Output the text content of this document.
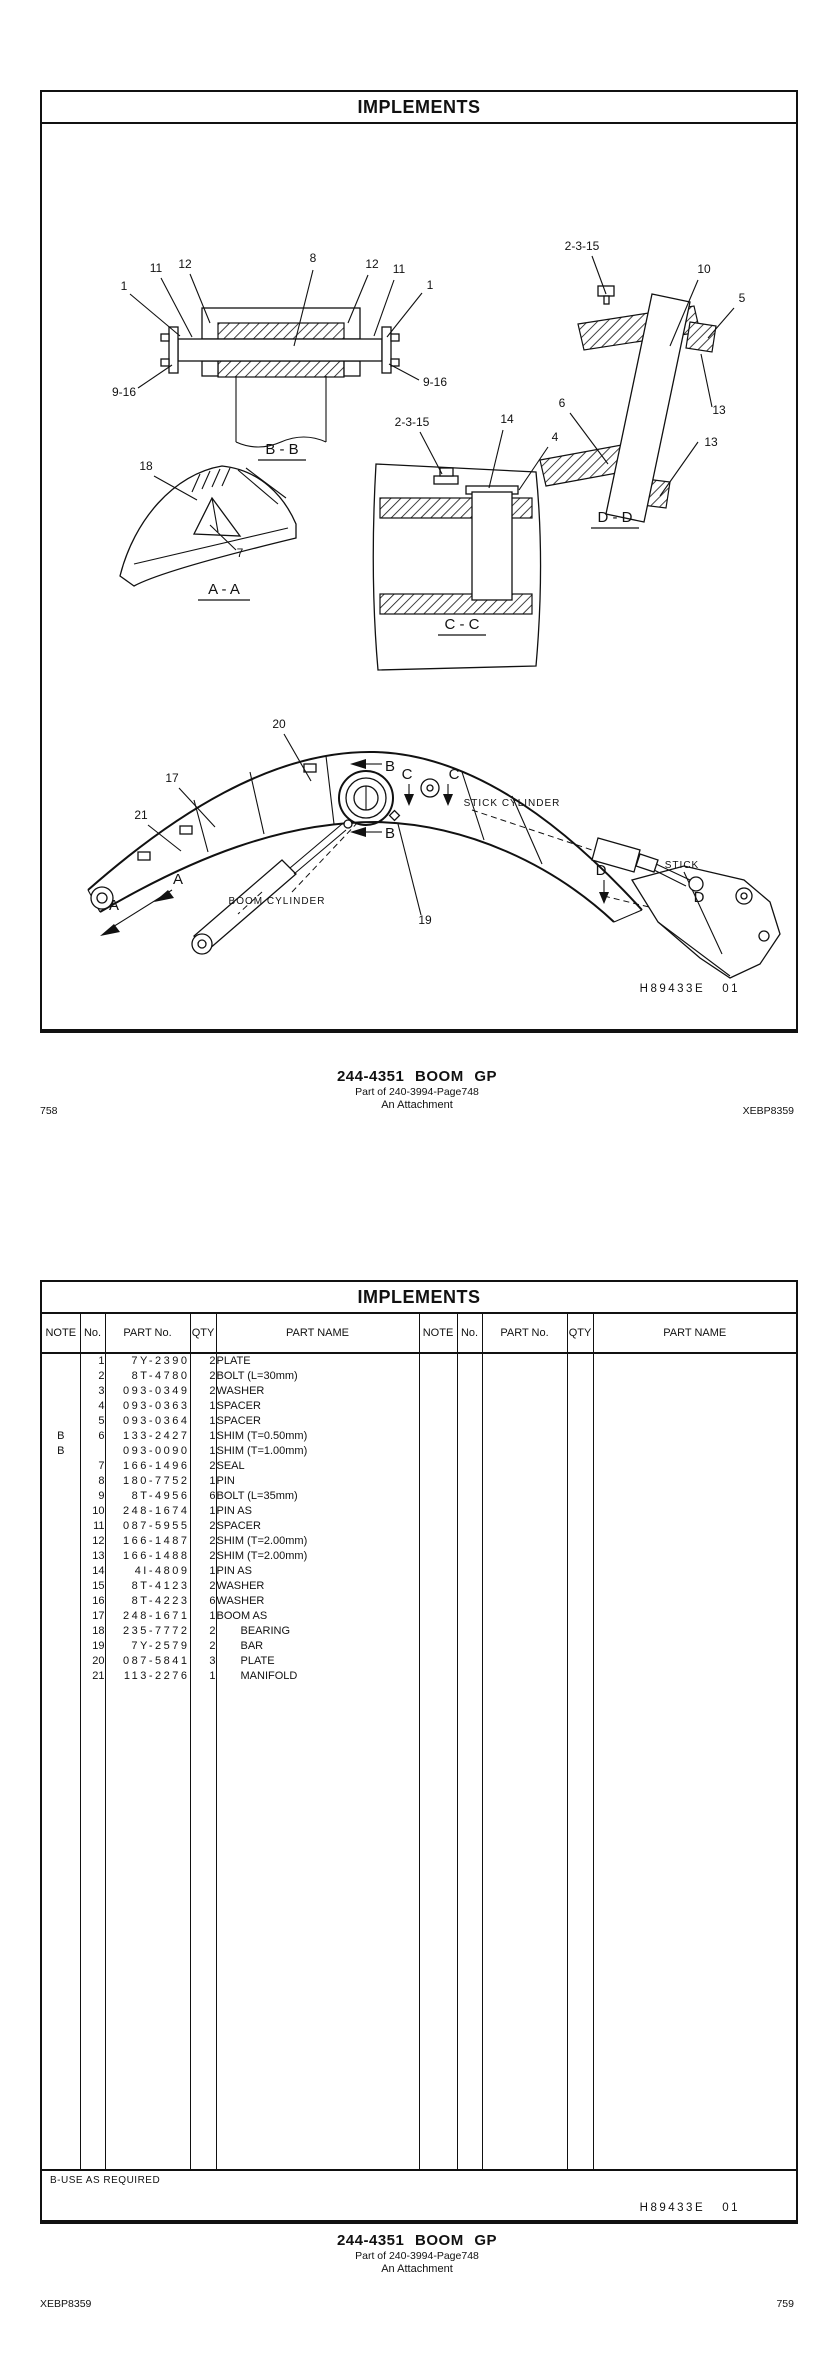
IMPLEMENTS
1
11 12	8	12 11
1
9-16
9-16
B - B
2-3-15
10
5
6	13
13
D - D
18
7
A - A
2-3-15	14
4
C - C
20
17
21
19
B
B
C C
A
A
D
D
BOOM CYLINDER
STICK CYLINDER
STICK
H89433E   01
244-4351 BOOM GP
Part of 240-3994-Page748
An Attachment
758	XEBP8359
IMPLEMENTS
NOTE	No.	PART No.	QTY	PART NAME	NOTE	No.	PART No.	QTY	PART NAME
	1	7Y-2390	2	PLATE					
	2	8T-4780	2	BOLT (L=30mm)					
	3	093-0349	2	WASHER					
	4	093-0363	1	SPACER					
	5	093-0364	1	SPACER					
B	6	133-2427	1	SHIM (T=0.50mm)					
B		093-0090	1	SHIM (T=1.00mm)					
	7	166-1496	2	SEAL					
	8	180-7752	1	PIN					
	9	8T-4956	6	BOLT (L=35mm)					
	10	248-1674	1	PIN AS					
	11	087-5955	2	SPACER					
	12	166-1487	2	SHIM (T=2.00mm)					
	13	166-1488	2	SHIM (T=2.00mm)					
	14	4I-4809	1	PIN AS					
	15	8T-4123	2	WASHER					
	16	8T-4223	6	WASHER					
	17	248-1671	1	BOOM AS					
	18	235-7772	2	BEARING					
	19	7Y-2579	2	BAR					
	20	087-5841	3	PLATE					
	21	113-2276	1	MANIFOLD					

B-USE AS REQUIRED
H89433E   01
244-4351 BOOM GP
Part of 240-3994-Page748
An Attachment
XEBP8359	759
